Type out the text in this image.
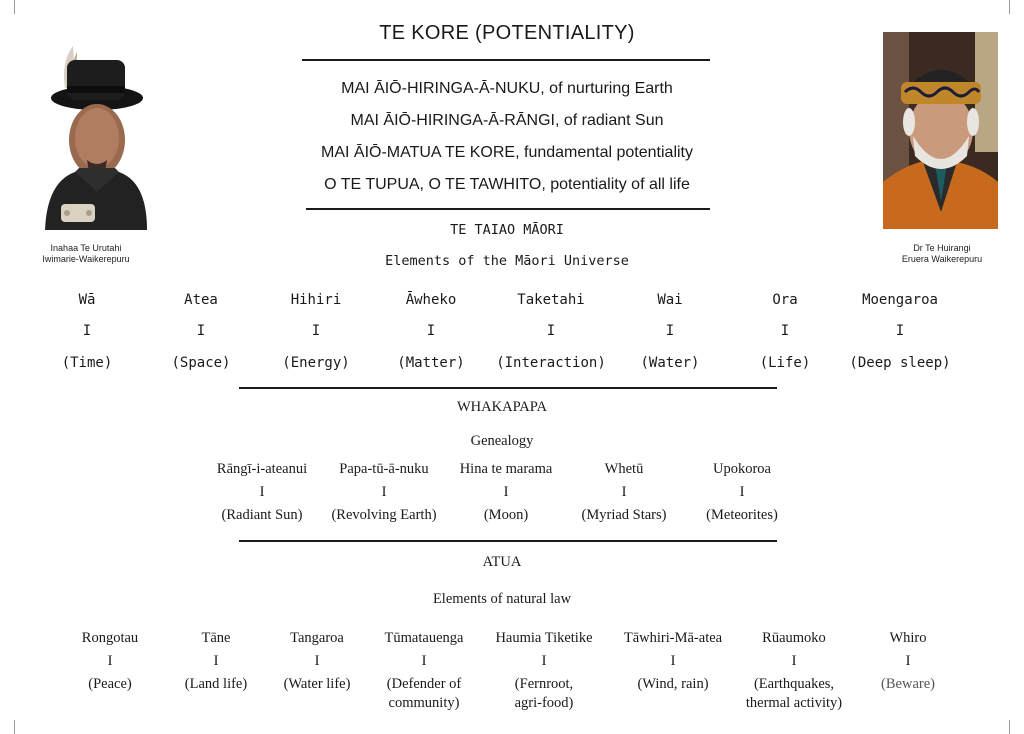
Inahaa Te Urutahi
Iwimarie-Waikerepuru
Dr Te Huirangi
Eruera Waikerepuru
TE KORE (POTENTIALITY)
MAI ĀIŌ-HIRINGA-Ā-NUKU, of nurturing Earth
MAI ĀIŌ-HIRINGA-Ā-RĀNGI, of radiant Sun
MAI ĀIŌ-MATUA TE KORE, fundamental potentiality
O TE TUPUA, O TE TAWHITO, potentiality of all life
TE TAIAO MĀORI
Elements of the Māori Universe
Wā
I
(Time)
Atea
I
(Space)
Hihiri
I
(Energy)
Āwheko
I
(Matter)
Taketahi
I
(Interaction)
Wai
I
(Water)
Ora
I
(Life)
Moengaroa
I
(Deep sleep)
WHAKAPAPA
Genealogy
Rāngī-i-ateanui
I
(Radiant Sun)
Papa-tū-ā-nuku
I
(Revolving Earth)
Hina te marama
I
(Moon)
Whetū
I
(Myriad Stars)
Upokoroa
I
(Meteorites)
ATUA
Elements of natural law
Rongotau
I
(Peace)
Tāne
I
(Land life)
Tangaroa
I
(Water life)
Tūmatauenga
I
(Defender of
community)
Haumia Tiketike
I
(Fernroot,
agri-food)
Tāwhiri-Mā-atea
I
(Wind, rain)
Rūaumoko
I
(Earthquakes,
thermal activity)
Whiro
I
(Beware)
